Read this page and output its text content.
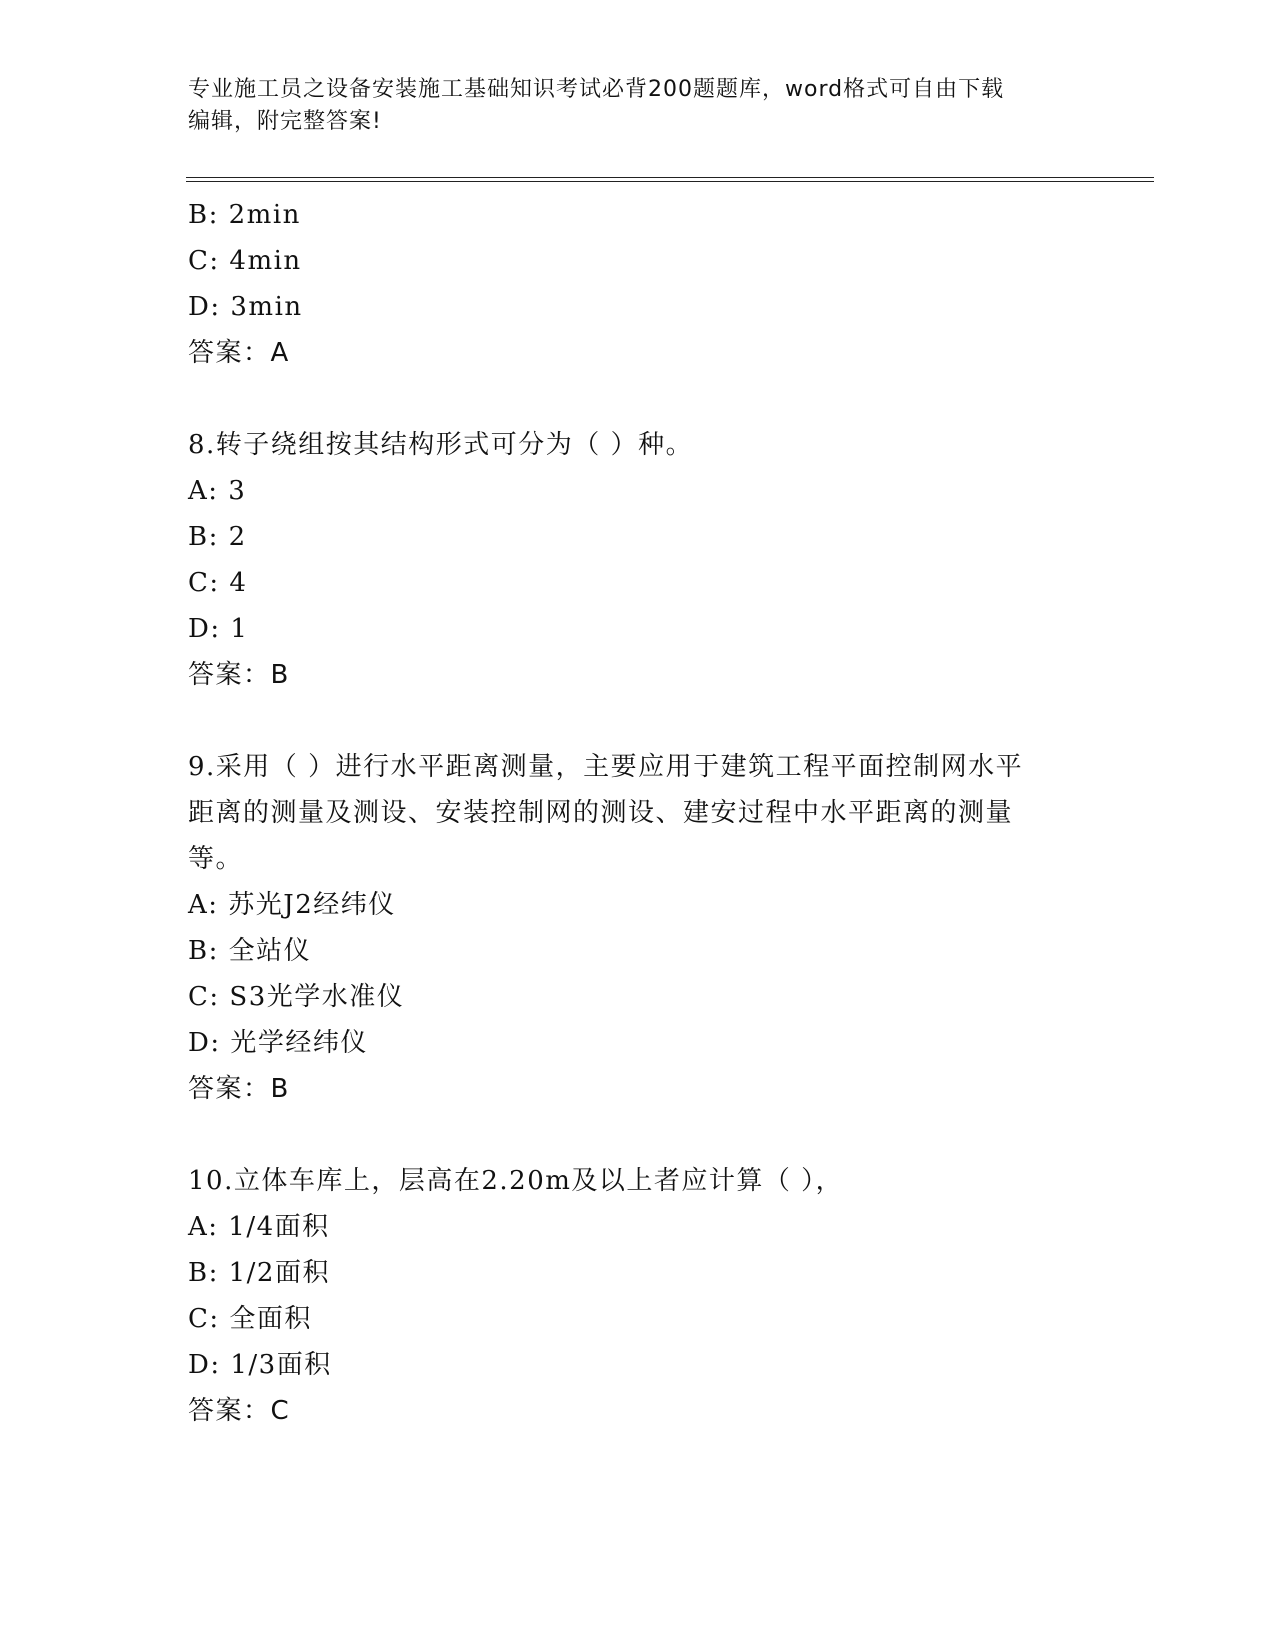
专业施工员之设备安装施工基础知识考试必背200题题库，word格式可自由下载
编辑，附完整答案!
B: 2min
C: 4min
D: 3min
答案：A
8.转子绕组按其结构形式可分为（ ）种。
A: 3
B: 2
C: 4
D: 1
答案：B
9.采用（ ）进行水平距离测量，主要应用于建筑工程平面控制网水平
距离的测量及测设、安装控制网的测设、建安过程中水平距离的测量
等。
A: 苏光J2经纬仪
B: 全站仪
C: S3光学水准仪
D: 光学经纬仪
答案：B
10.立体车库上，层高在2.20m及以上者应计算（ ），
A: 1/4面积
B: 1/2面积
C: 全面积
D: 1/3面积
答案：C
